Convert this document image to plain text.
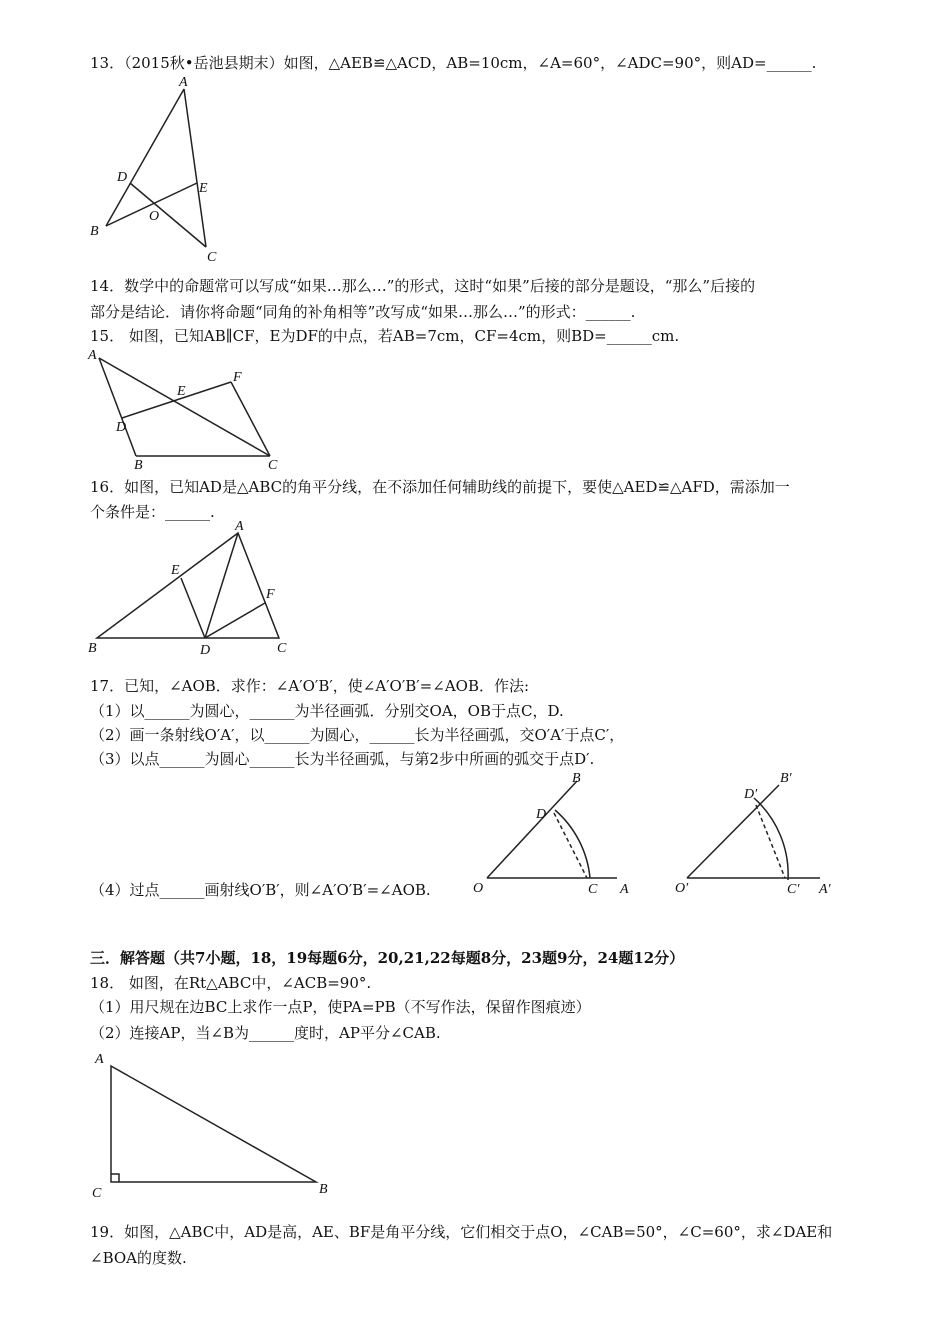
13．（2015秋•岳池县期末）如图，△AEB≌△ACD，AB=10cm，∠A=60°，∠ADC=90°，则AD=______.
A
D
E
O
B
C
14．数学中的命题常可以写成“如果…那么…”的形式，这时“如果”后接的部分是题设，“那么”后接的
部分是结论．请你将命题“同角的补角相等”改写成“如果…那么…”的形式：______.
15． 如图，已知AB∥CF，E为DF的中点，若AB=7cm，CF=4cm，则BD=______cm.
A
E
F
D
B	C
16．如图，已知AD是△ABC的角平分线，在不添加任何辅助线的前提下，要使△AED≌△AFD，需添加一
个条件是：______.
A
E
F
B	D	C
17．已知，∠AOB．求作：∠A′O′B′，使∠A′O′B′=∠AOB．作法:
（1）以______为圆心，______为半径画弧．分别交OA，OB于点C，D.
（2）画一条射线O′A′，以______为圆心，______长为半径画弧，交O′A′于点C′，
（3）以点______为圆心______长为半径画弧，与第2步中所画的弧交于点D′.
（4）过点______画射线O′B′，则∠A′O′B′=∠AOB.
B
D
O	C A
B′
D′
O′	C′ A′
三．解答题（共7小题，18，19每题6分，20,21,22每题8分，23题9分，24题12分）
18． 如图，在Rt△ABC中，∠ACB=90°.
（1）用尺规在边BC上求作一点P，使PA=PB（不写作法，保留作图痕迹）
（2）连接AP，当∠B为______度时，AP平分∠CAB.
A
C	B
19．如图，△ABC中，AD是高，AE、BF是角平分线，它们相交于点O，∠CAB=50°，∠C=60°，求∠DAE和
∠BOA的度数.
